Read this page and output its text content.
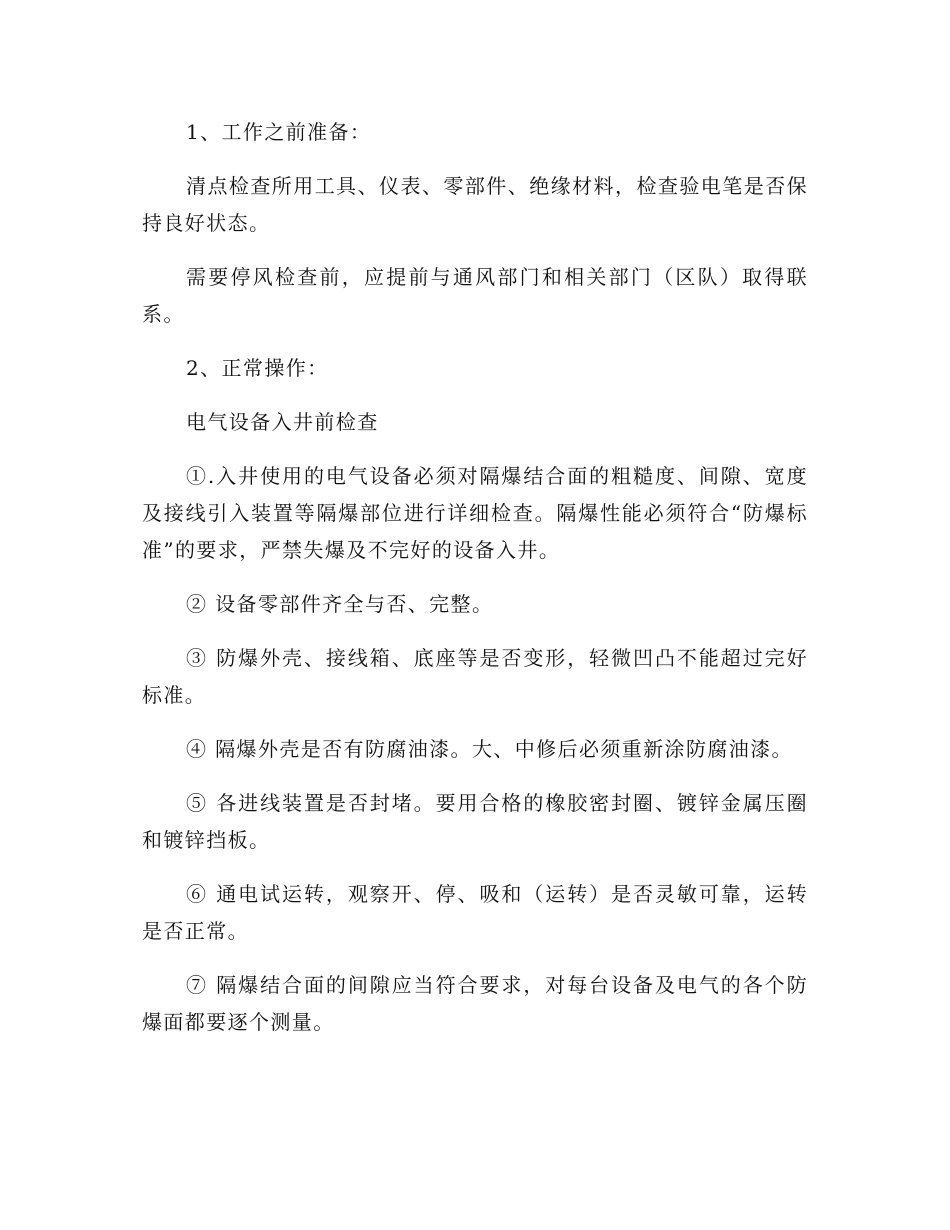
1、工作之前准备：

清点检查所用工具、仪表、零部件、绝缘材料，检查验电笔是否保持良好状态。

需要停风检查前，应提前与通风部门和相关部门（区队）取得联系。

2、正常操作：

电气设备入井前检查

①.入井使用的电气设备必须对隔爆结合面的粗糙度、间隙、宽度及接线引入装置等隔爆部位进行详细检查。隔爆性能必须符合“防爆标准”的要求，严禁失爆及不完好的设备入井。

② 设备零部件齐全与否、完整。

③ 防爆外壳、接线箱、底座等是否变形，轻微凹凸不能超过完好标准。

④ 隔爆外壳是否有防腐油漆。大、中修后必须重新涂防腐油漆。

⑤ 各进线装置是否封堵。要用合格的橡胶密封圈、镀锌金属压圈和镀锌挡板。

⑥ 通电试运转，观察开、停、吸和（运转）是否灵敏可靠，运转是否正常。

⑦ 隔爆结合面的间隙应当符合要求，对每台设备及电气的各个防爆面都要逐个测量。
